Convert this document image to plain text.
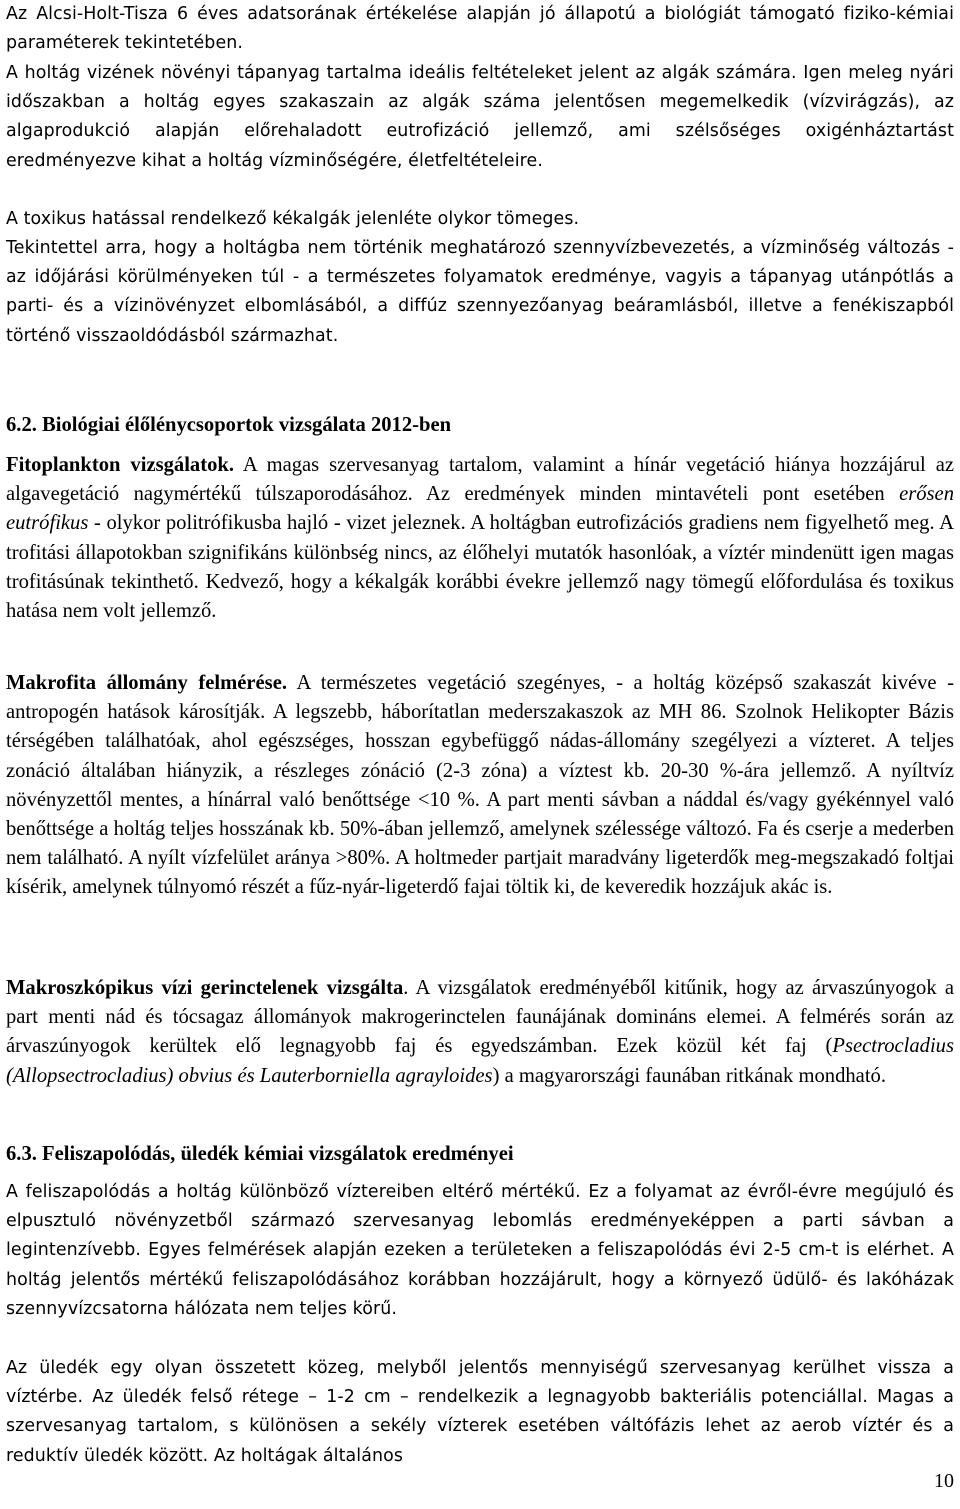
Az Alcsi-Holt-Tisza 6 éves adatsorának értékelése alapján jó állapotú a biológiát támogató fiziko-kémiai paraméterek tekintetében.

A holtág vizének növényi tápanyag tartalma ideális feltételeket jelent az algák számára. Igen meleg nyári időszakban a holtág egyes szakaszain az algák száma jelentősen megemelkedik (vízvirágzás), az algaprodukció alapján előrehaladott eutrofizáció jellemző, ami szélsőséges oxigénháztartást eredményezve kihat a holtág vízminőségére, életfeltételeire.

A toxikus hatással rendelkező kékalgák jelenléte olykor tömeges.

Tekintettel arra, hogy a holtágba nem történik meghatározó szennyvízbevezetés, a vízminőség változás - az időjárási körülményeken túl - a természetes folyamatok eredménye, vagyis a tápanyag utánpótlás a parti- és a vízinövényzet elbomlásából, a diffúz szennyezőanyag beáramlásból, illetve a fenékiszapból történő visszaoldódásból származhat.

6.2. Biológiai élőlénycsoportok vizsgálata 2012-ben

Fitoplankton vizsgálatok. A magas szervesanyag tartalom, valamint a hínár vegetáció hiánya hozzájárul az algavegetáció nagymértékű túlszaporodásához. Az eredmények minden mintavételi pont esetében erősen eutrófikus - olykor politrófikusba hajló - vizet jeleznek. A holtágban eutrofizációs gradiens nem figyelhető meg. A trofitási állapotokban szignifikáns különbség nincs, az élőhelyi mutatók hasonlóak, a víztér mindenütt igen magas trofitásúnak tekinthető. Kedvező, hogy a kékalgák korábbi évekre jellemző nagy tömegű előfordulása és toxikus hatása nem volt jellemző.

Makrofita állomány felmérése. A természetes vegetáció szegényes, - a holtág középső szakaszát kivéve - antropogén hatások károsítják. A legszebb, háborítatlan mederszakaszok az MH 86. Szolnok Helikopter Bázis térségében találhatóak, ahol egészséges, hosszan egybefüggő nádas-állomány szegélyezi a vízteret. A teljes zonáció általában hiányzik, a részleges zónáció (2-3 zóna) a víztest kb. 20-30 %-ára jellemző. A nyíltvíz növényzettől mentes, a hínárral való benőttsége <10 %. A part menti sávban a náddal és/vagy gyékénnyel való benőttsége a holtág teljes hosszának kb. 50%-ában jellemző, amelynek szélessége változó. Fa és cserje a mederben nem található. A nyílt vízfelület aránya >80%. A holtmeder partjait maradvány ligeterdők meg-megszakadó foltjai kísérik, amelynek túlnyomó részét a fűz-nyár-ligeterdő fajai töltik ki, de keveredik hozzájuk akác is.

Makroszkópikus vízi gerinctelenek vizsgálta. A vizsgálatok eredményéből kitűnik, hogy az árvaszúnyogok a part menti nád és tócsagaz állományok makrogerinctelen faunájának domináns elemei. A felmérés során az árvaszúnyogok kerültek elő legnagyobb faj és egyedszámban. Ezek közül két faj (Psectrocladius (Allopsectrocladius) obvius és Lauterborniella agrayloides) a magyarországi faunában ritkának mondható.

6.3. Feliszapolódás, üledék kémiai vizsgálatok eredményei

A feliszapolódás a holtág különböző víztereiben eltérő mértékű. Ez a folyamat az évről-évre megújuló és elpusztuló növényzetből származó szervesanyag lebomlás eredményeképpen a parti sávban a legintenzívebb. Egyes felmérések alapján ezeken a területeken a feliszapolódás évi 2-5 cm-t is elérhet. A holtág jelentős mértékű feliszapolódásához korábban hozzájárult, hogy a környező üdülő- és lakóházak szennyvízcsatorna hálózata nem teljes körű.

Az üledék egy olyan összetett közeg, melyből jelentős mennyiségű szervesanyag kerülhet vissza a víztérbe. Az üledék felső rétege – 1-2 cm – rendelkezik a legnagyobb bakteriális potenciállal. Magas a szervesanyag tartalom, s különösen a sekély vízterek esetében váltófázis lehet az aerob víztér és a reduktív üledék között. Az holtágak általános

10
